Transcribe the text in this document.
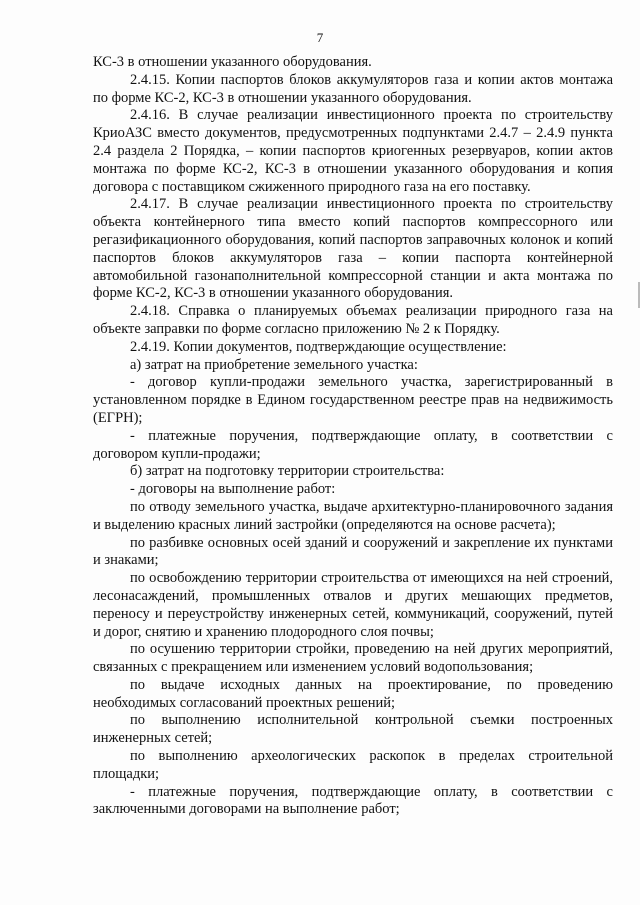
7

КС-3 в отношении указанного оборудования.

2.4.15. Копии паспортов блоков аккумуляторов газа и копии актов монтажа по форме КС-2, КС-3 в отношении указанного оборудования.

2.4.16. В случае реализации инвестиционного проекта по строительству КриоАЗС вместо документов, предусмотренных подпунктами 2.4.7 – 2.4.9 пункта 2.4 раздела 2 Порядка, – копии паспортов криогенных резервуаров, копии актов монтажа по форме КС-2, КС-3 в отношении указанного оборудования и копия договора с поставщиком сжиженного природного газа на его поставку.

2.4.17. В случае реализации инвестиционного проекта по строительству объекта контейнерного типа вместо копий паспортов компрессорного или регазификационного оборудования, копий паспортов заправочных колонок и копий паспортов блоков аккумуляторов газа – копии паспорта контейнерной автомобильной газонаполнительной компрессорной станции и акта монтажа по форме КС-2, КС-3 в отношении указанного оборудования.

2.4.18. Справка о планируемых объемах реализации природного газа на объекте заправки по форме согласно приложению № 2 к Порядку.

2.4.19. Копии документов, подтверждающие осуществление:

а) затрат на приобретение земельного участка:

- договор купли-продажи земельного участка, зарегистрированный в установленном порядке в Едином государственном реестре прав на недвижимость (ЕГРН);

- платежные поручения, подтверждающие оплату, в соответствии с договором купли-продажи;

б) затрат на подготовку территории строительства:

- договоры на выполнение работ:

по отводу земельного участка, выдаче архитектурно-планировочного задания и выделению красных линий застройки (определяются на основе расчета);

по разбивке основных осей зданий и сооружений и закрепление их пунктами и знаками;

по освобождению территории строительства от имеющихся на ней строений, лесонасаждений, промышленных отвалов и других мешающих предметов, переносу и переустройству инженерных сетей, коммуникаций, сооружений, путей и дорог, снятию и хранению плодородного слоя почвы;

по осушению территории стройки, проведению на ней других мероприятий, связанных с прекращением или изменением условий водопользования;

по выдаче исходных данных на проектирование, по проведению необходимых согласований проектных решений;

по выполнению исполнительной контрольной съемки построенных инженерных сетей;

по выполнению археологических раскопок в пределах строительной площадки;

- платежные поручения, подтверждающие оплату, в соответствии с заключенными договорами на выполнение работ;
